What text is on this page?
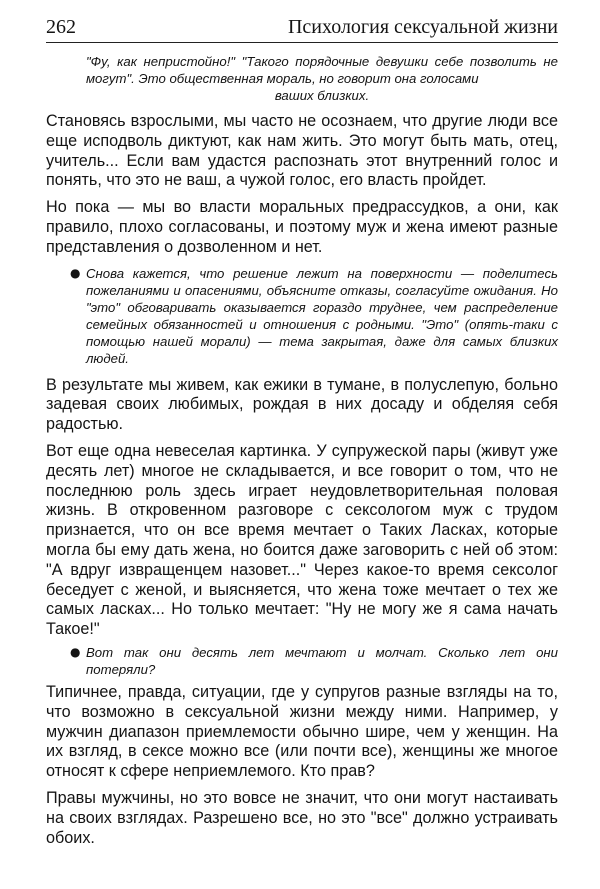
262	Психология сексуальной жизни

"Фу, как непристойно!" "Такого порядочные девушки себе позволить не могут". Это общественная мораль, но говорит она голосами
ваших близких.

Становясь взрослыми, мы часто не осознаем, что другие люди все еще исподволь диктуют, как нам жить. Это могут быть мать, отец, учитель... Если вам удастся распознать этот внутренний голос и понять, что это не ваш, а чужой голос, его власть пройдет.

Но пока — мы во власти моральных предрассудков, а они, как правило, плохо согласованы, и поэтому муж и жена имеют разные представления о дозволенном и нет.

● Снова кажется, что решение лежит на поверхности — поделитесь пожеланиями и опасениями, объясните отказы, согласуйте ожидания. Но "это" обговаривать оказывается гораздо труднее, чем распределение семейных обязанностей и отношения с родными. "Это" (опять-таки с помощью нашей морали) — тема закрытая, даже для самых близких людей.

В результате мы живем, как ежики в тумане, в полуслепую, больно задевая своих любимых, рождая в них досаду и обделяя себя радостью.

Вот еще одна невеселая картинка. У супружеской пары (живут уже десять лет) многое не складывается, и все говорит о том, что не последнюю роль здесь играет неудовлетворительная половая жизнь. В откровенном разговоре с сексологом муж с трудом признается, что он все время мечтает о Таких Ласках, которые могла бы ему дать жена, но боится даже заговорить с ней об этом: "А вдруг извращенцем назовет..." Через какое-то время сексолог беседует с женой, и выясняется, что жена тоже мечтает о тех же самых ласках... Но только мечтает: "Ну не могу же я сама начать Такое!"

● Вот так они десять лет мечтают и молчат. Сколько лет они потеряли?

Типичнее, правда, ситуации, где у супругов разные взгляды на то, что возможно в сексуальной жизни между ними. Например, у мужчин диапазон приемлемости обычно шире, чем у женщин. На их взгляд, в сексе можно все (или почти все), женщины же многое относят к сфере неприемлемого. Кто прав?

Правы мужчины, но это вовсе не значит, что они могут настаивать на своих взглядах. Разрешено все, но это "все" должно устраивать обоих.
